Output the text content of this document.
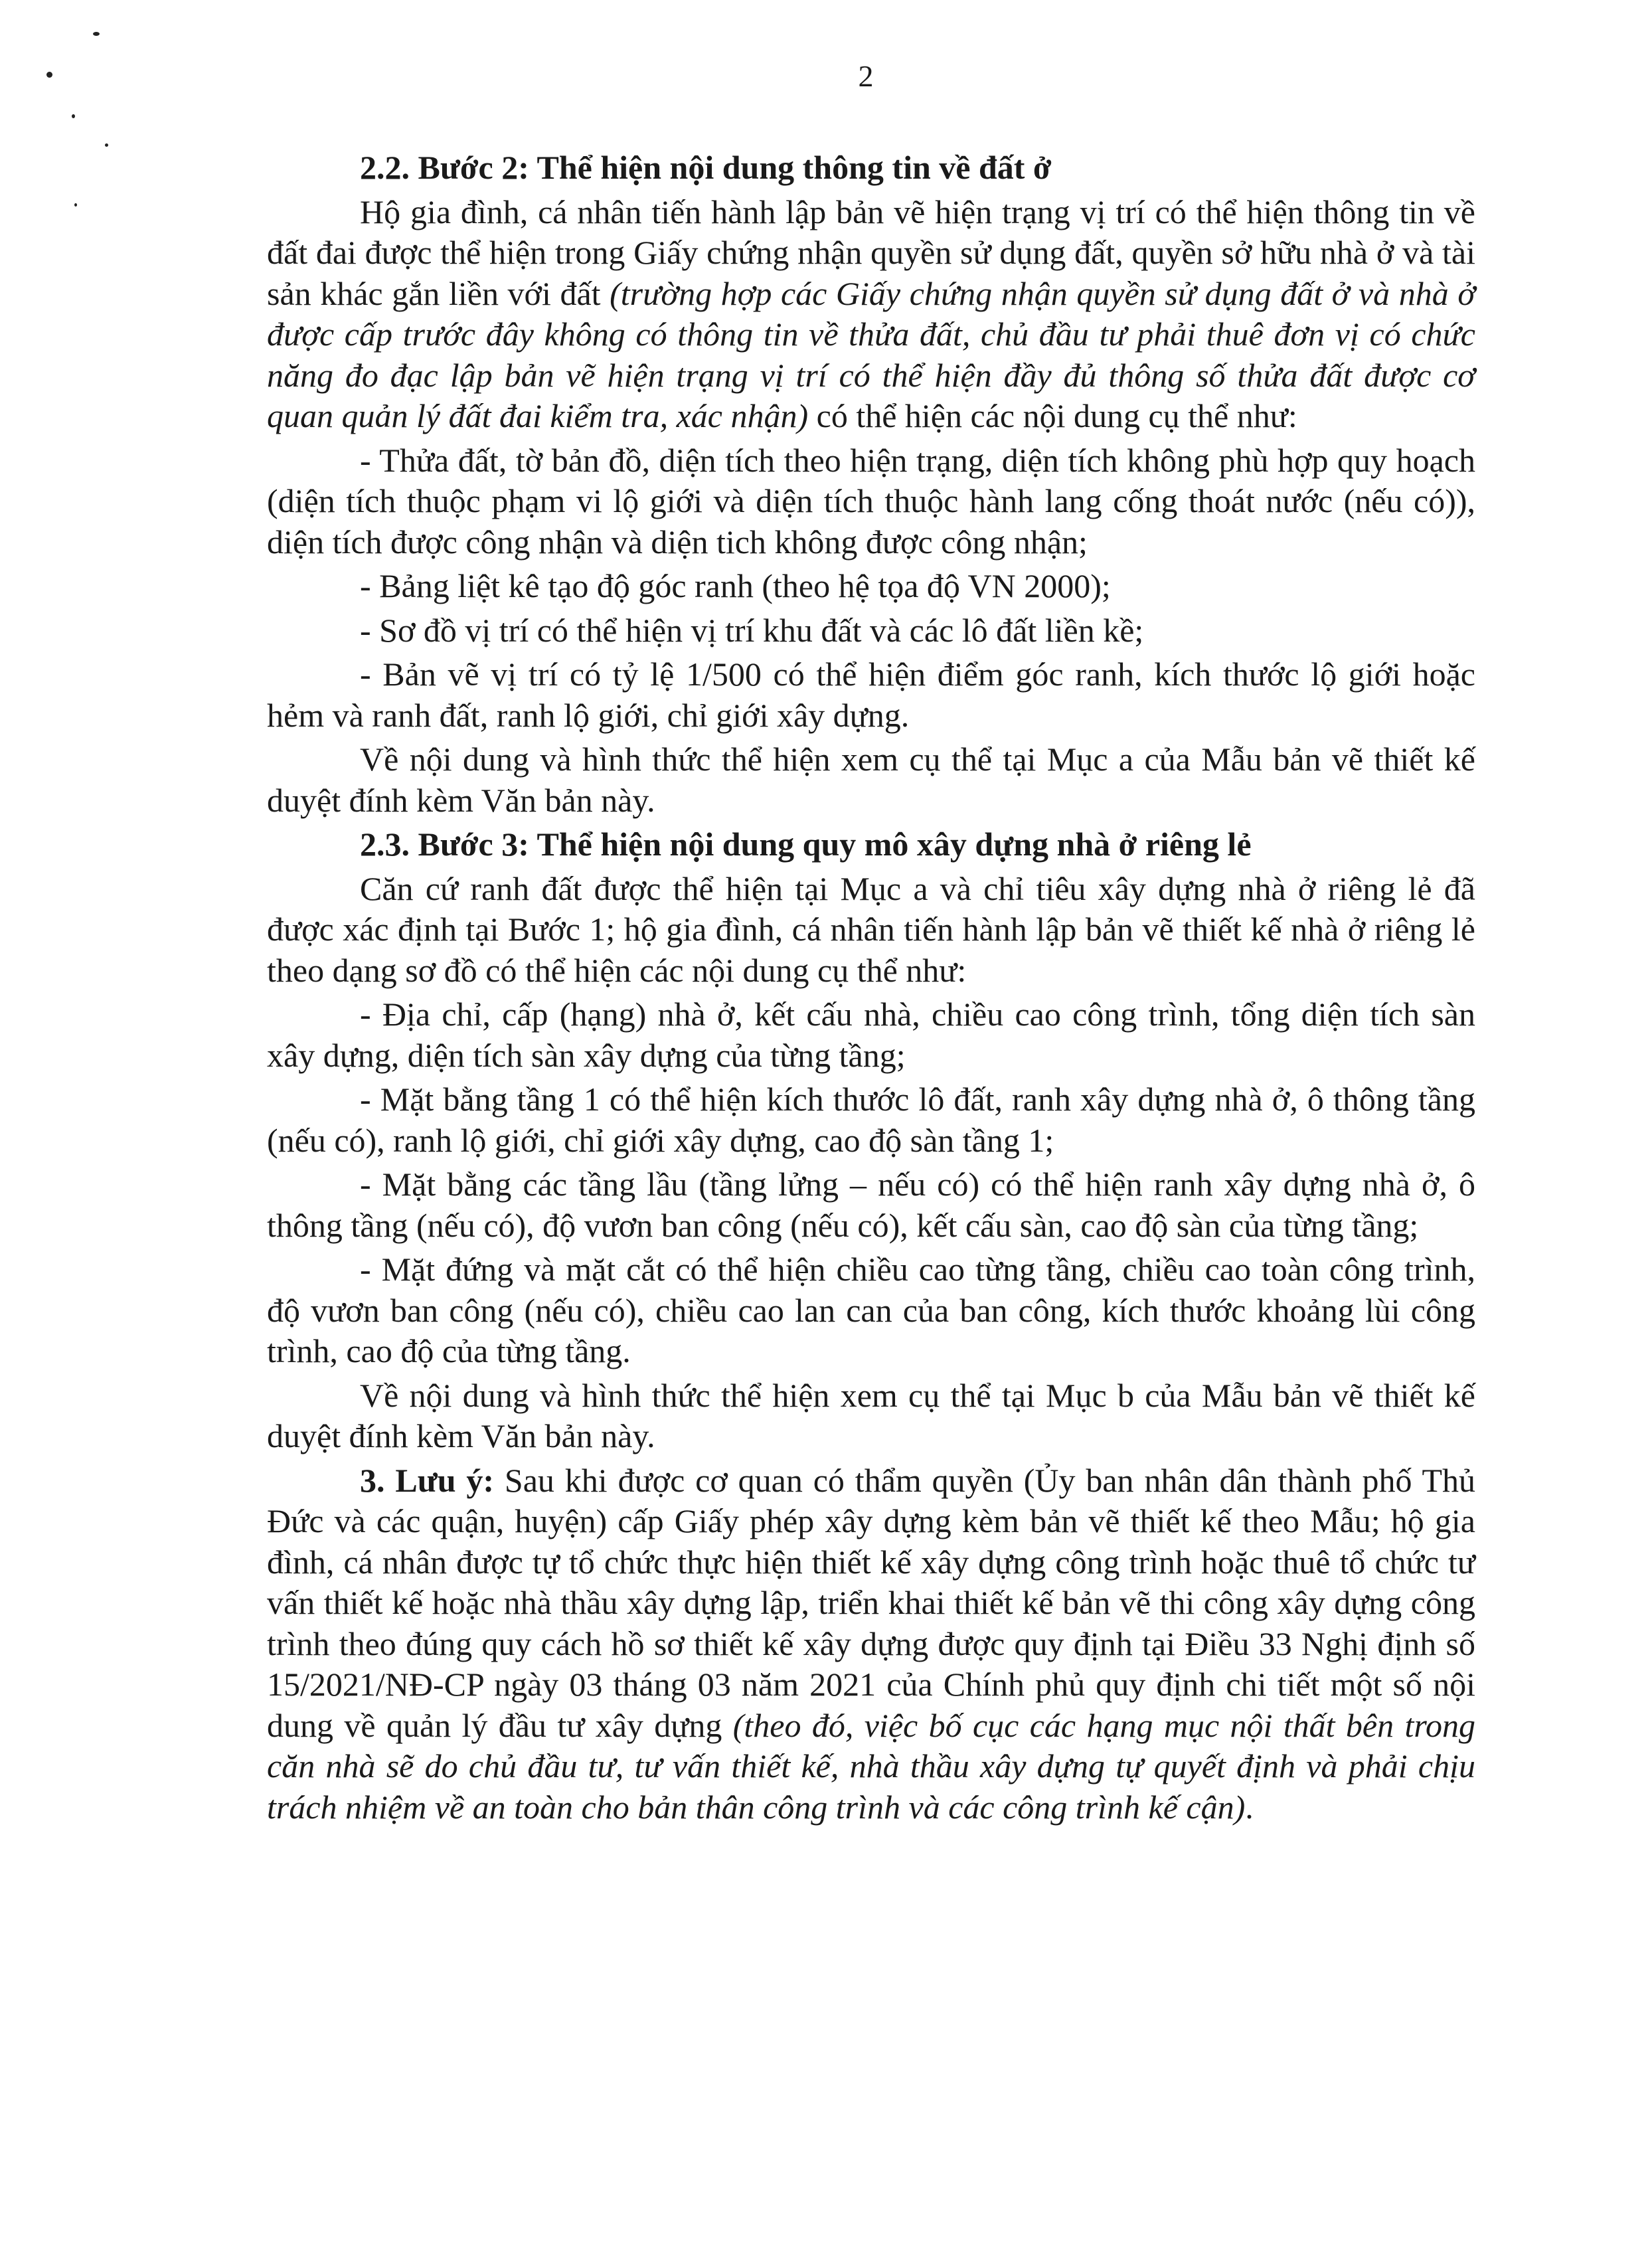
2

2.2. Bước 2: Thể hiện nội dung thông tin về đất ở

Hộ gia đình, cá nhân tiến hành lập bản vẽ hiện trạng vị trí có thể hiện thông tin về đất đai được thể hiện trong Giấy chứng nhận quyền sử dụng đất, quyền sở hữu nhà ở và tài sản khác gắn liền với đất (trường hợp các Giấy chứng nhận quyền sử dụng đất ở và nhà ở được cấp trước đây không có thông tin về thửa đất, chủ đầu tư phải thuê đơn vị có chức năng đo đạc lập bản vẽ hiện trạng vị trí có thể hiện đầy đủ thông số thửa đất được cơ quan quản lý đất đai kiểm tra, xác nhận) có thể hiện các nội dung cụ thể như:

- Thửa đất, tờ bản đồ, diện tích theo hiện trạng, diện tích không phù hợp quy hoạch (diện tích thuộc phạm vi lộ giới và diện tích thuộc hành lang cống thoát nước (nếu có)), diện tích được công nhận và diện tich không được công nhận;

- Bảng liệt kê tạo độ góc ranh (theo hệ tọa độ VN 2000);

- Sơ đồ vị trí có thể hiện vị trí khu đất và các lô đất liền kề;

- Bản vẽ vị trí có tỷ lệ 1/500 có thể hiện điểm góc ranh, kích thước lộ giới hoặc hẻm và ranh đất, ranh lộ giới, chỉ giới xây dựng.

Về nội dung và hình thức thể hiện xem cụ thể tại Mục a của Mẫu bản vẽ thiết kế duyệt đính kèm Văn bản này.

2.3. Bước 3: Thể hiện nội dung quy mô xây dựng nhà ở riêng lẻ

Căn cứ ranh đất được thể hiện tại Mục a và chỉ tiêu xây dựng nhà ở riêng lẻ đã được xác định tại Bước 1; hộ gia đình, cá nhân tiến hành lập bản vẽ thiết kế nhà ở riêng lẻ theo dạng sơ đồ có thể hiện các nội dung cụ thể như:

- Địa chỉ, cấp (hạng) nhà ở, kết cấu nhà, chiều cao công trình, tổng diện tích sàn xây dựng, diện tích sàn xây dựng của từng tầng;

- Mặt bằng tầng 1 có thể hiện kích thước lô đất, ranh xây dựng nhà ở, ô thông tầng (nếu có), ranh lộ giới, chỉ giới xây dựng, cao độ sàn tầng 1;

- Mặt bằng các tầng lầu (tầng lửng – nếu có) có thể hiện ranh xây dựng nhà ở, ô thông tầng (nếu có), độ vươn ban công (nếu có), kết cấu sàn, cao độ sàn của từng tầng;

- Mặt đứng và mặt cắt có thể hiện chiều cao từng tầng, chiều cao toàn công trình, độ vươn ban công (nếu có), chiều cao lan can của ban công, kích thước khoảng lùi công trình, cao độ của từng tầng.

Về nội dung và hình thức thể hiện xem cụ thể tại Mục b của Mẫu bản vẽ thiết kế duyệt đính kèm Văn bản này.

3. Lưu ý: Sau khi được cơ quan có thẩm quyền (Ủy ban nhân dân thành phố Thủ Đức và các quận, huyện) cấp Giấy phép xây dựng kèm bản vẽ thiết kế theo Mẫu; hộ gia đình, cá nhân được tự tổ chức thực hiện thiết kế xây dựng công trình hoặc thuê tổ chức tư vấn thiết kế hoặc nhà thầu xây dựng lập, triển khai thiết kế bản vẽ thi công xây dựng công trình theo đúng quy cách hồ sơ thiết kế xây dựng được quy định tại Điều 33 Nghị định số 15/2021/NĐ-CP ngày 03 tháng 03 năm 2021 của Chính phủ quy định chi tiết một số nội dung về quản lý đầu tư xây dựng (theo đó, việc bố cục các hạng mục nội thất bên trong căn nhà sẽ do chủ đầu tư, tư vấn thiết kế, nhà thầu xây dựng tự quyết định và phải chịu trách nhiệm về an toàn cho bản thân công trình và các công trình kế cận).
